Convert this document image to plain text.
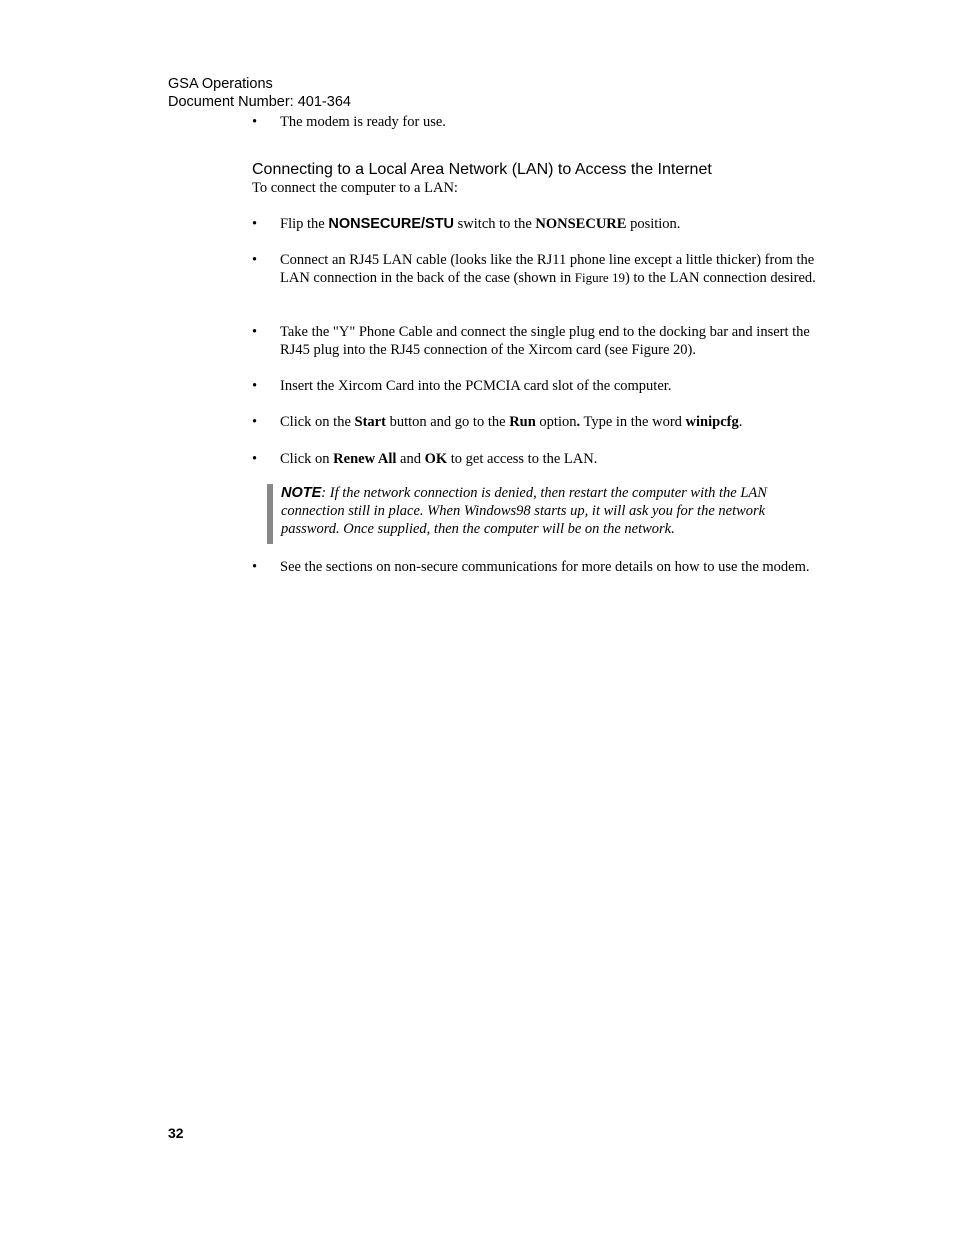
GSA Operations
Document Number: 401-364
• The modem is ready for use.
Connecting to a Local Area Network (LAN) to Access the Internet
To connect the computer to a LAN:
• Flip the NONSECURE/STU switch to the NONSECURE position.
• Connect an RJ45 LAN cable (looks like the RJ11 phone line except a little thicker) from the LAN connection in the back of the case (shown in Figure 19) to the LAN connection desired.
• Take the "Y" Phone Cable and connect the single plug end to the docking bar and insert the RJ45 plug into the RJ45 connection of the Xircom card (see Figure 20).
• Insert the Xircom Card into the PCMCIA card slot of the computer.
• Click on the Start button and go to the Run option. Type in the word winipcfg.
• Click on Renew All and OK to get access to the LAN.
NOTE: If the network connection is denied, then restart the computer with the LAN connection still in place. When Windows98 starts up, it will ask you for the network password. Once supplied, then the computer will be on the network.
• See the sections on non-secure communications for more details on how to use the modem.
32
